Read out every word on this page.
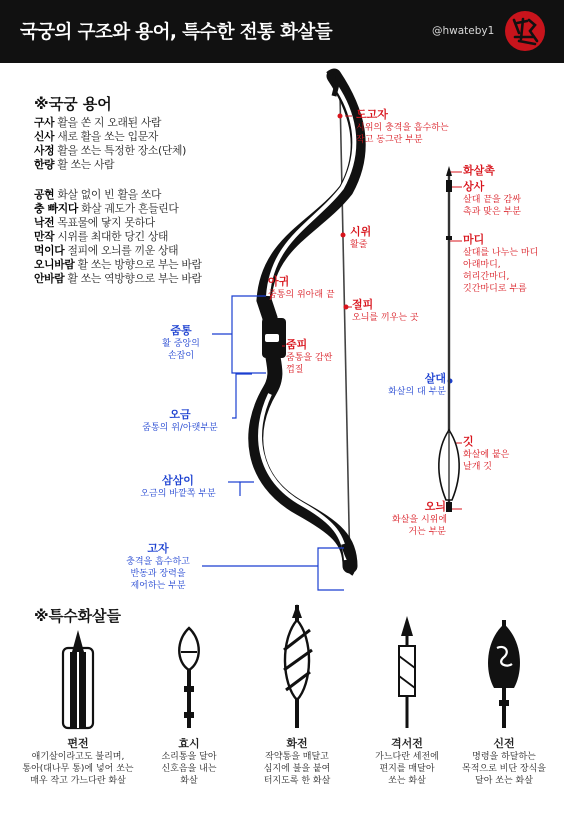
국궁의 구조와 용어, 특수한 전통 화살들	@hwateby1
※국궁 용어
구사 활을 쏜 지 오래된 사람
신사 새로 활을 쏘는 입문자
사정 활을 쏘는 특정한 장소(단체)
한량 활 쏘는 사람
공현 화살 없이 빈 활을 쏘다
충 빠지다 화살 궤도가 흔들린다
낙전 목표물에 닿지 못하다
만작 시위를 최대한 당긴 상태
먹이다 절피에 오늬를 끼운 상태
오니바람 활 쏘는 방향으로 부는 바람
안바람 활 쏘는 역방향으로 부는 바람
도고자
시위의 충격을 흡수하는
작고 동그란 부분
시위
활줄
아귀
줌통의 위아래 끝
절피
오늬를 끼우는 곳
줌피
줌통을 감싼
껍질
줌통
활 중앙의
손잡이
오금
줌통의 위/아랫부분
삼삼이
오금의 바깥쪽 부분
고자
충격을 흡수하고
반동과 장력을
제어하는 부분
화살촉
상사
살대 끝을 감싸
촉과 맞은 부분
마디
살대를 나누는 마디
아래마디,
허리간마디,
깃간마디로 부름
살대
화살의 대 부분
깃
화살에 붙은
날개 깃
오늬
화살을 시위에
거는 부분
※특수화살들
편전
애기살이라고도 불리며,
통아(대나무 통)에 넣어 쏘는
매우 작고 가느다란 화살
효시
소리통을 달아
신호음을 내는
화살
화전
작약통을 매달고
심지에 불을 붙여
터지도록 한 화살
격서전
가느다란 세전에
편지를 매달아
쏘는 화살
신전
명령을 하달하는
목적으로 비단 장식을
달아 쏘는 화살
